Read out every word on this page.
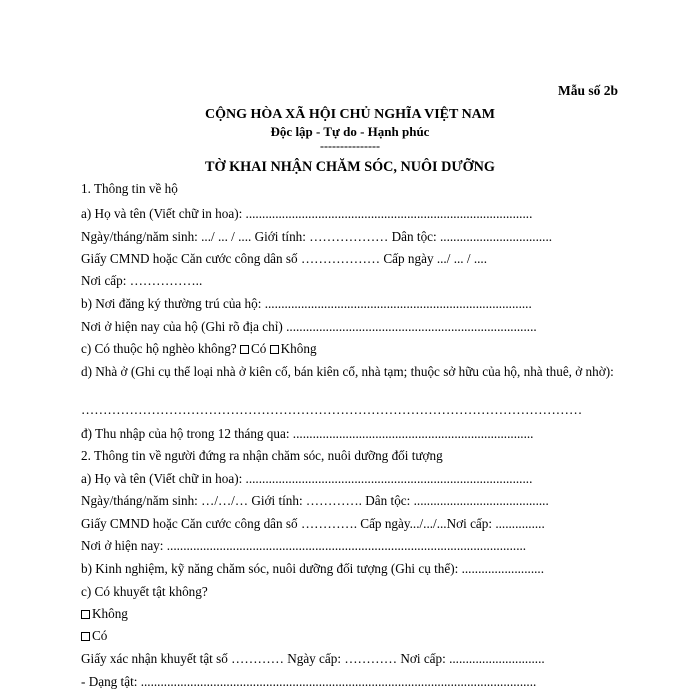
Mẫu số 2b
CỘNG HÒA XÃ HỘI CHỦ NGHĨA VIỆT NAM
Độc lập - Tự do - Hạnh phúc
---------------
TỜ KHAI NHẬN CHĂM SÓC, NUÔI DƯỠNG
1. Thông tin về hộ
a) Họ và tên (Viết chữ in hoa): .......................................................................................
Ngày/tháng/năm sinh: .../ ... / .... Giới tính: ……………… Dân tộc: ..................................
Giấy CMND hoặc Căn cước công dân số ……………… Cấp ngày .../ ... / ....
Nơi cấp: ……………..
b) Nơi đăng ký thường trú của hộ: .................................................................................
Nơi ở hiện nay của hộ (Ghi rõ địa chỉ) ............................................................................
c) Có thuộc hộ nghèo không? Có Không
d) Nhà ở (Ghi cụ thể loại nhà ở kiên cố, bán kiên cố, nhà tạm; thuộc sở hữu của hộ, nhà thuê, ở nhờ):
……………………………………………………………………………………………………
đ) Thu nhập của hộ trong 12 tháng qua: .........................................................................
2. Thông tin về người đứng ra nhận chăm sóc, nuôi dưỡng đối tượng
a) Họ và tên (Viết chữ in hoa): .......................................................................................
Ngày/tháng/năm sinh: …/…/… Giới tính: …………. Dân tộc: .........................................
Giấy CMND hoặc Căn cước công dân số …………. Cấp ngày.../.../...Nơi cấp: ...............
Nơi ở hiện nay: .............................................................................................................
b) Kinh nghiệm, kỹ năng chăm sóc, nuôi dưỡng đối tượng (Ghi cụ thể): .........................
c) Có khuyết tật không?
Không
Có
Giấy xác nhận khuyết tật số ………… Ngày cấp: ………… Nơi cấp: .............................
- Dạng tật: ........................................................................................................................
